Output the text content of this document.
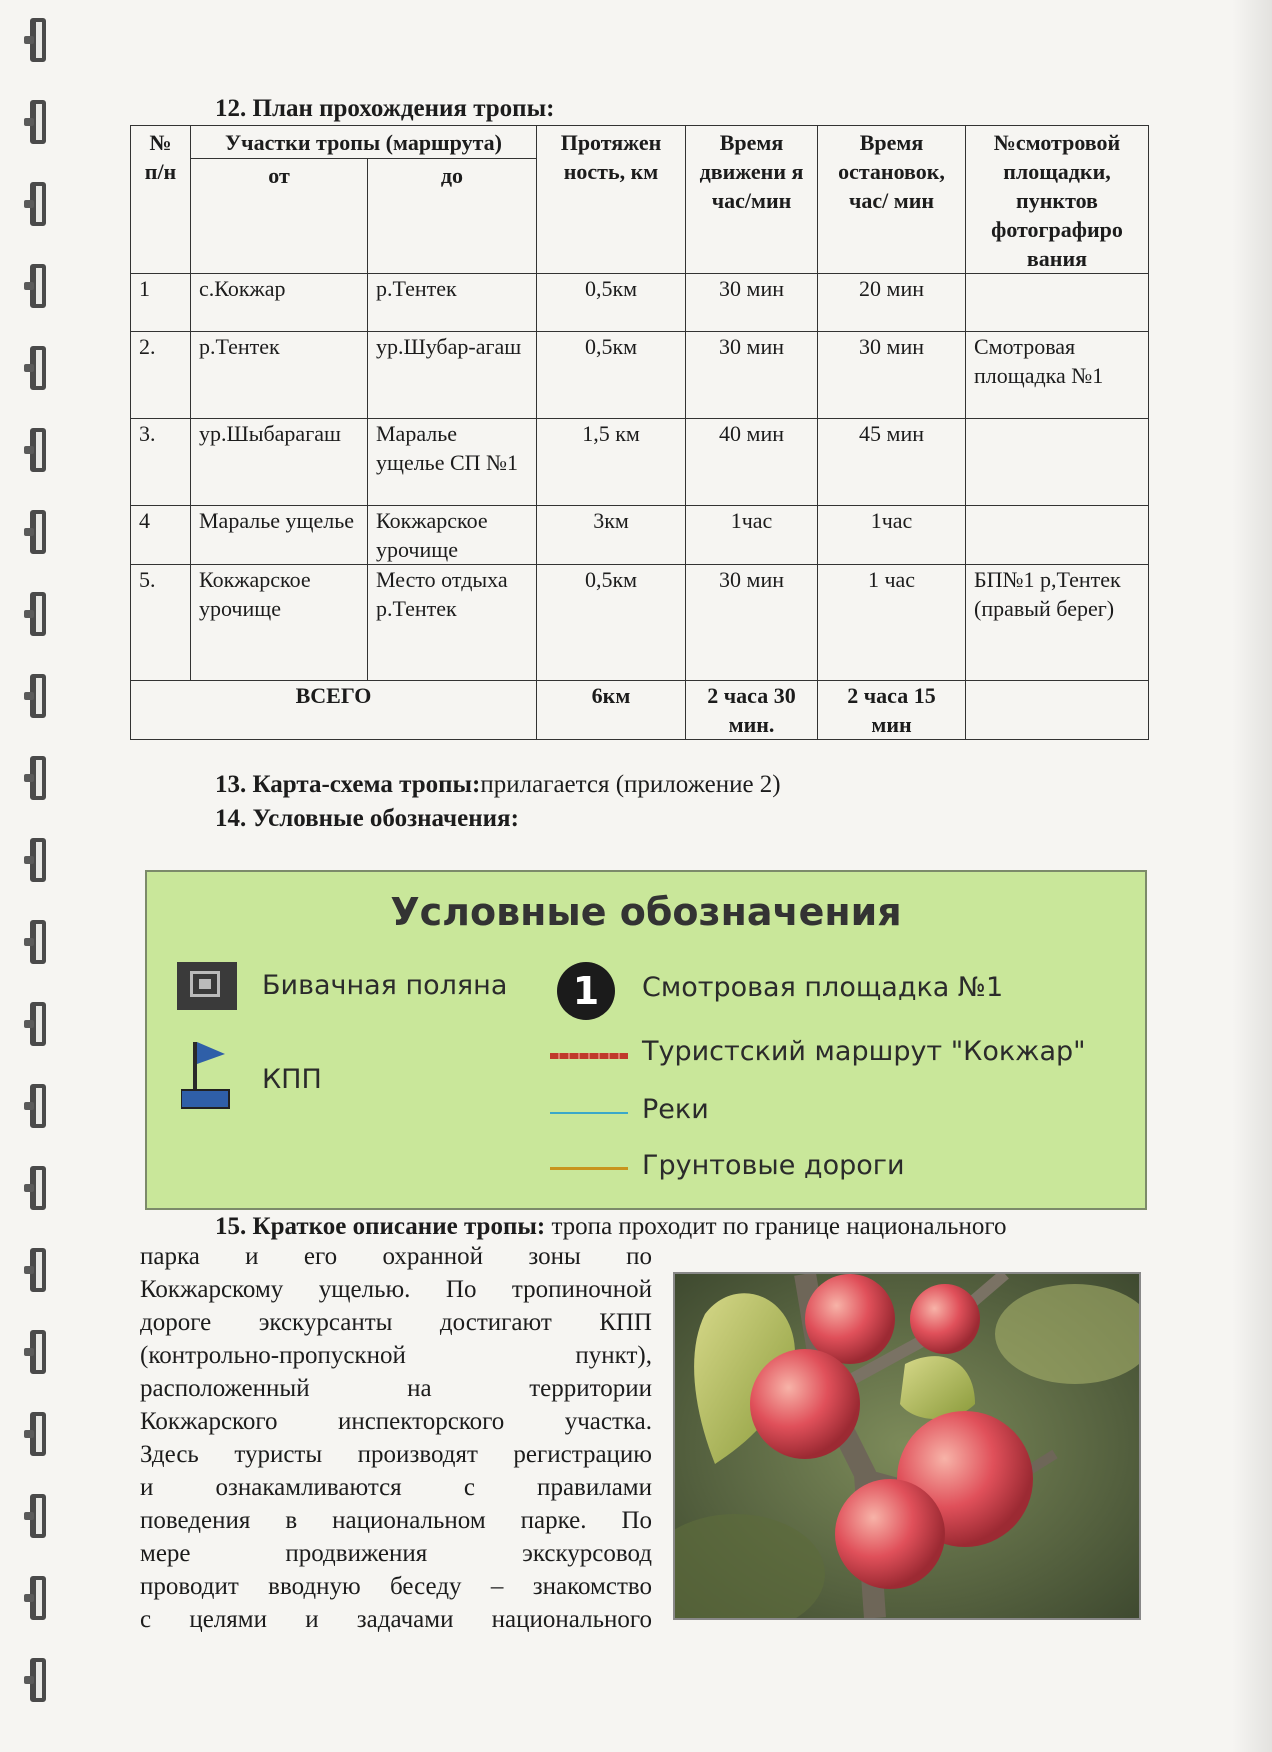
12. План прохождения тропы:
№ п/н	Участки тропы (маршрута)		Протяжен ность, км	Время движени я час/мин	Время остановок, час/ мин	№смотровой площадки, пунктов фотографиро вания
	от	до				
1	с.Кокжар	р.Тентек	0,5км	30 мин	20 мин	
2.	р.Тентек	ур.Шубар-агаш	0,5км	30 мин	30 мин	Смотровая площадка №1
3.	ур.Шыбарагаш	Маралье ущелье СП №1	1,5 км	40 мин	45 мин	
4	Маралье ущелье	Кокжарское урочище	3км	1час	1час	
5.	Кокжарское урочище	Место отдыха р.Тентек	0,5км	30 мин	1 час	БП№1 р,Тентек (правый берег)
ВСЕГО			6км	2 часа 30 мин.	2 часа 15 мин	
13. Карта-схема тропы:прилагается (приложение 2)
14. Условные обозначения:
Условные обозначения
Бивачная поляна	1	Смотровая площадка №1
КПП
Туристский маршрут "Кокжар"
Реки
Грунтовые дороги
15. Краткое описание тропы: тропа проходит по границе национального
парка и его охранной зоны по
Кокжарскому ущелью. По тропиночной
дороге экскурсанты достигают КПП
(контрольно-пропускной пункт),
расположенный на территории
Кокжарского инспекторского участка.
Здесь туристы производят регистрацию
и ознакамливаются с правилами
поведения в национальном парке. По
мере продвижения экскурсовод
проводит вводную беседу – знакомство
с целями и задачами национального
